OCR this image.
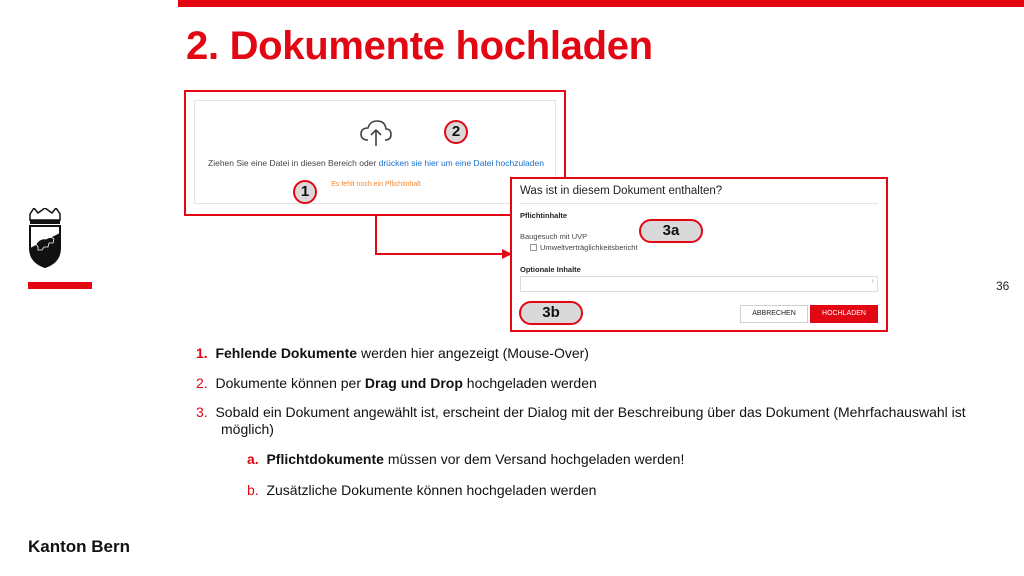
2. Dokumente hochladen
36
Kanton Bern
Ziehen Sie eine Datei in diesen Bereich oder drücken sie hier um eine Datei hochzuladen
Es fehlt noch ein Pflichtinhalt
Was ist in diesem Dokument enthalten?
Pflichtinhalte
Baugesuch mit UVP
Umweltverträglichkeitsbericht
Optionale Inhalte
›
ABBRECHEN	HOCHLADEN
1
2
3a
3b
1. Fehlende Dokumente werden hier angezeigt (Mouse-Over)
2. Dokumente können per Drag und Drop hochgeladen werden
3. Sobald ein Dokument angewählt ist, erscheint der Dialog mit der Beschreibung über das Dokument (Mehrfachauswahl ist
möglich)
a. Pflichtdokumente müssen vor dem Versand hochgeladen werden!
b. Zusätzliche Dokumente können hochgeladen werden
